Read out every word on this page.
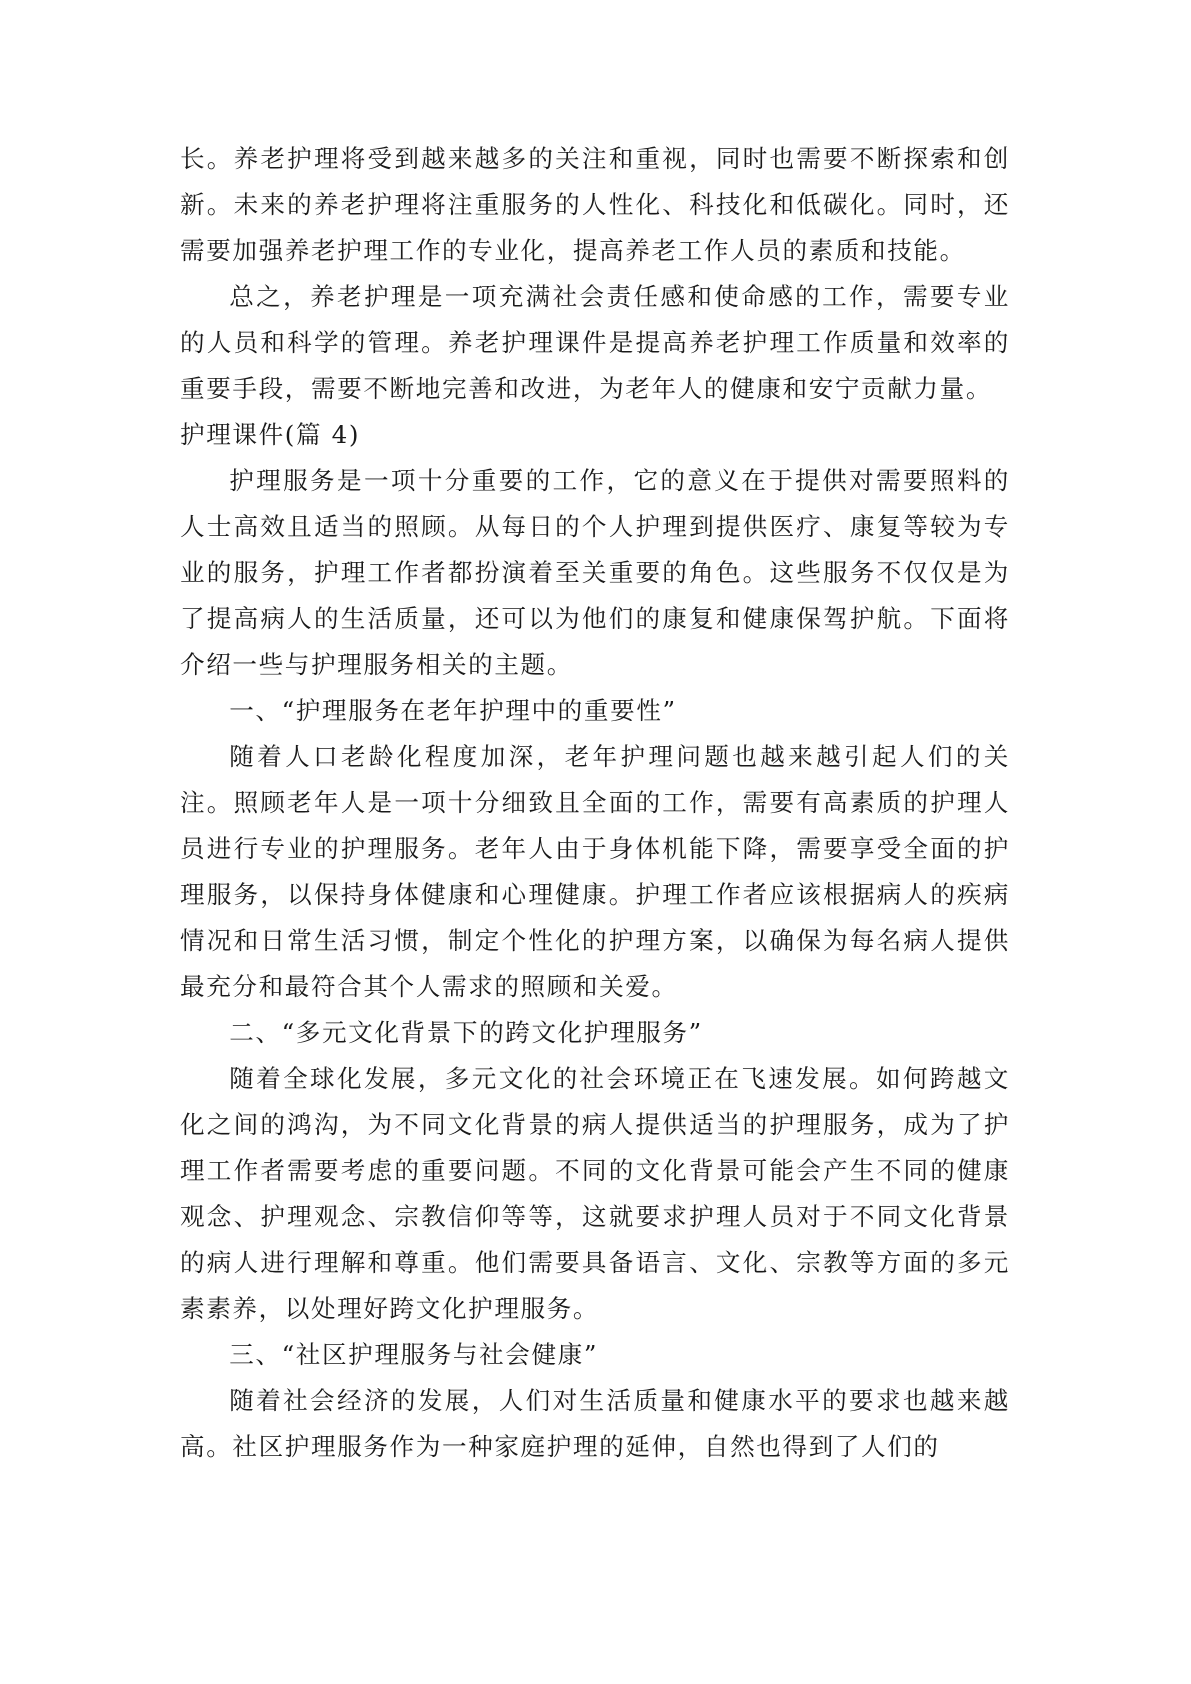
长。养老护理将受到越来越多的关注和重视，同时也需要不断探索和创新。未来的养老护理将注重服务的人性化、科技化和低碳化。同时，还需要加强养老护理工作的专业化，提高养老工作人员的素质和技能。

总之，养老护理是一项充满社会责任感和使命感的工作，需要专业的人员和科学的管理。养老护理课件是提高养老护理工作质量和效率的重要手段，需要不断地完善和改进，为老年人的健康和安宁贡献力量。

护理课件(篇 4)

护理服务是一项十分重要的工作，它的意义在于提供对需要照料的人士高效且适当的照顾。从每日的个人护理到提供医疗、康复等较为专业的服务，护理工作者都扮演着至关重要的角色。这些服务不仅仅是为了提高病人的生活质量，还可以为他们的康复和健康保驾护航。下面将介绍一些与护理服务相关的主题。

一、“护理服务在老年护理中的重要性”

随着人口老龄化程度加深，老年护理问题也越来越引起人们的关注。照顾老年人是一项十分细致且全面的工作，需要有高素质的护理人员进行专业的护理服务。老年人由于身体机能下降，需要享受全面的护理服务，以保持身体健康和心理健康。护理工作者应该根据病人的疾病情况和日常生活习惯，制定个性化的护理方案，以确保为每名病人提供最充分和最符合其个人需求的照顾和关爱。

二、“多元文化背景下的跨文化护理服务”

随着全球化发展，多元文化的社会环境正在飞速发展。如何跨越文化之间的鸿沟，为不同文化背景的病人提供适当的护理服务，成为了护理工作者需要考虑的重要问题。不同的文化背景可能会产生不同的健康观念、护理观念、宗教信仰等等，这就要求护理人员对于不同文化背景的病人进行理解和尊重。他们需要具备语言、文化、宗教等方面的多元素素养，以处理好跨文化护理服务。

三、“社区护理服务与社会健康”

随着社会经济的发展，人们对生活质量和健康水平的要求也越来越高。社区护理服务作为一种家庭护理的延伸，自然也得到了人们的
